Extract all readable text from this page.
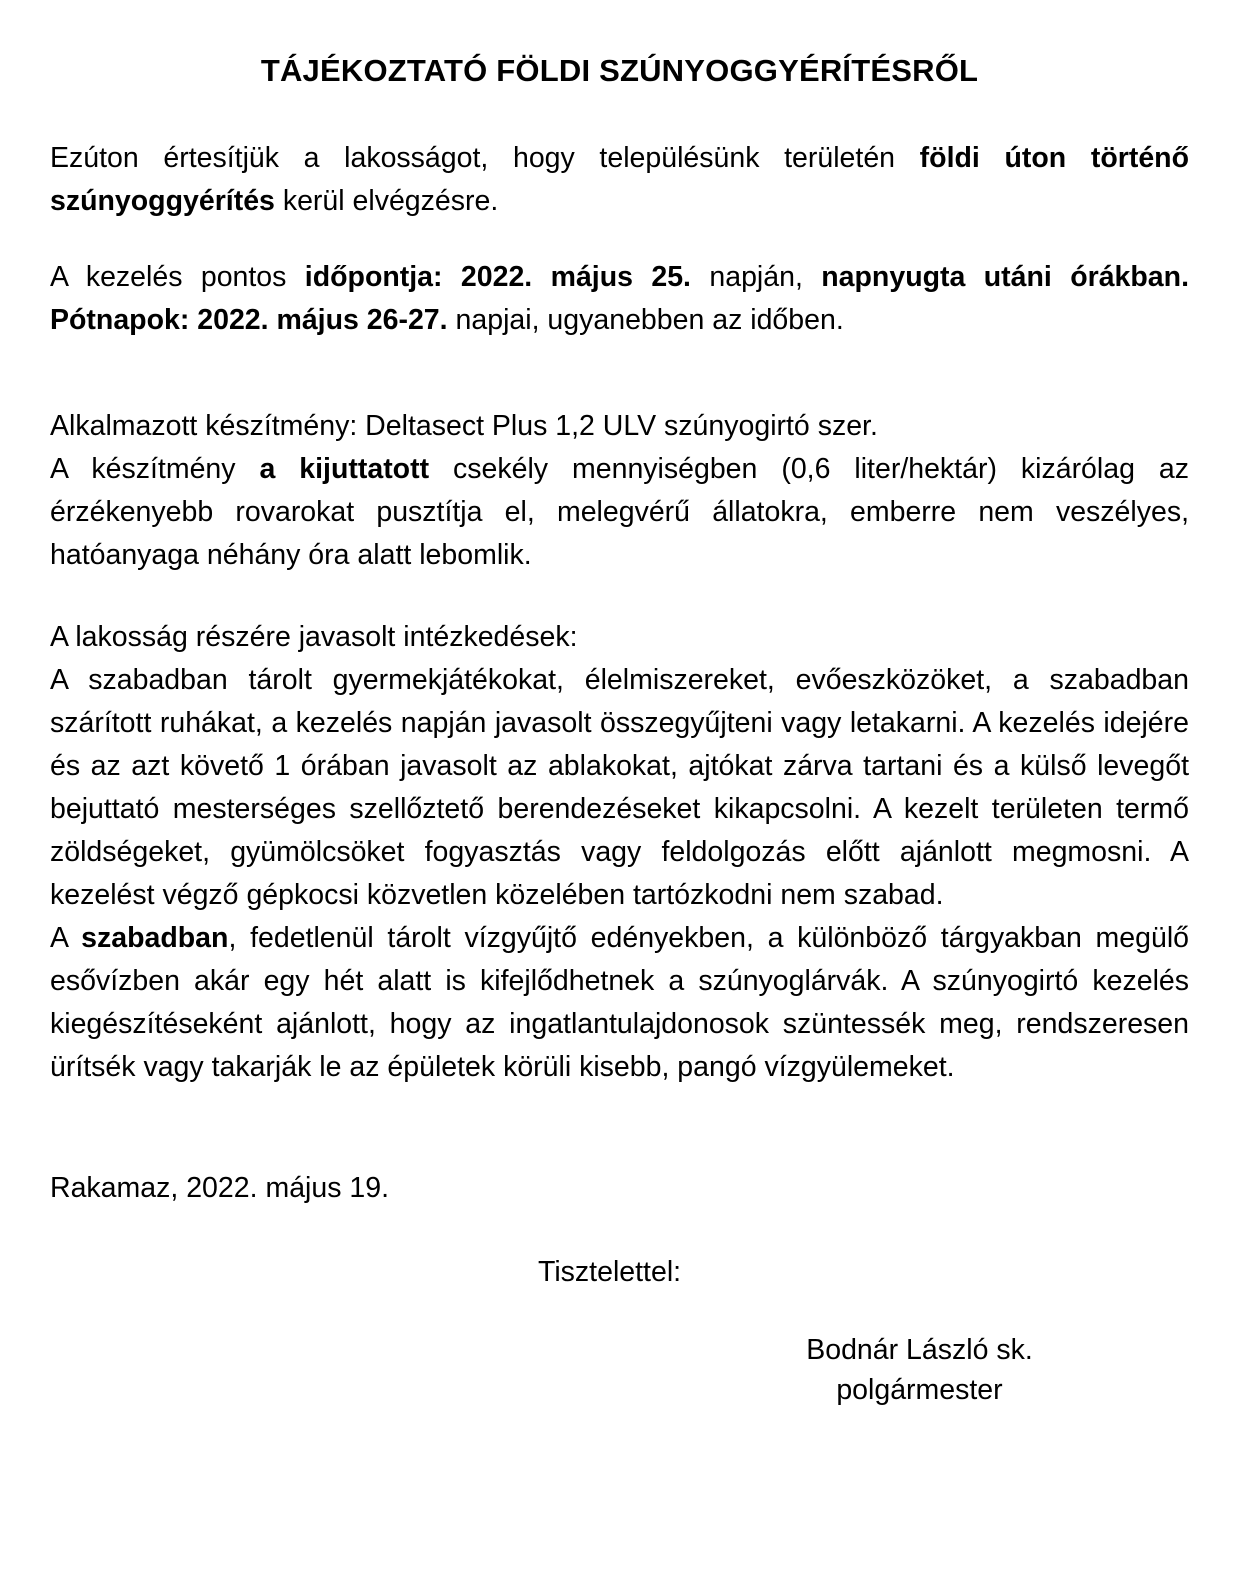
TÁJÉKOZTATÓ FÖLDI SZÚNYOGGYÉRÍTÉSRŐL

Ezúton értesítjük a lakosságot, hogy településünk területén földi úton történő szúnyoggyérítés kerül elvégzésre.

A kezelés pontos időpontja: 2022. május 25. napján, napnyugta utáni órákban. Pótnapok: 2022. május 26-27. napjai, ugyanebben az időben.

Alkalmazott készítmény: Deltasect Plus 1,2 ULV szúnyogirtó szer.

A készítmény a kijuttatott csekély mennyiségben (0,6 liter/hektár) kizárólag az érzékenyebb rovarokat pusztítja el, melegvérű állatokra, emberre nem veszélyes, hatóanyaga néhány óra alatt lebomlik.

A lakosság részére javasolt intézkedések:

A szabadban tárolt gyermekjátékokat, élelmiszereket, evőeszközöket, a szabadban szárított ruhákat, a kezelés napján javasolt összegyűjteni vagy letakarni. A kezelés idejére és az azt követő 1 órában javasolt az ablakokat, ajtókat zárva tartani és a külső levegőt bejuttató mesterséges szellőztető berendezéseket kikapcsolni. A kezelt területen termő zöldségeket, gyümölcsöket fogyasztás vagy feldolgozás előtt ajánlott megmosni. A kezelést végző gépkocsi közvetlen közelében tartózkodni nem szabad.

A szabadban, fedetlenül tárolt vízgyűjtő edényekben, a különböző tárgyakban megülő esővízben akár egy hét alatt is kifejlődhetnek a szúnyoglárvák. A szúnyogirtó kezelés kiegészítéseként ajánlott, hogy az ingatlantulajdonosok szüntessék meg, rendszeresen ürítsék vagy takarják le az épületek körüli kisebb, pangó vízgyülemeket.

Rakamaz, 2022. május 19.

Tisztelettel:

Bodnár László sk.
polgármester
